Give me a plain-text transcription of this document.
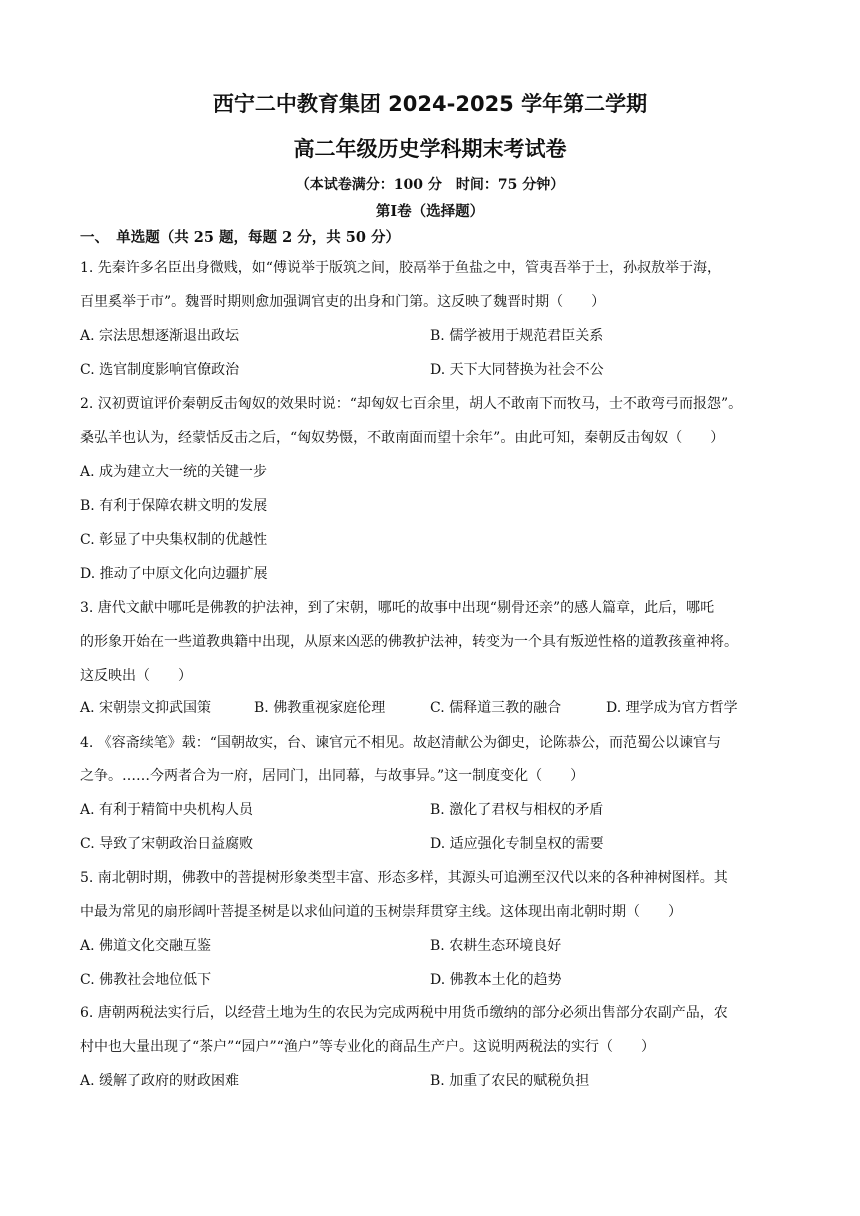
西宁二中教育集团 2024-2025 学年第二学期
高二年级历史学科期末考试卷
（本试卷满分：100 分　时间：75 分钟）
第Ⅰ卷（选择题）
一、　单选题（共 25 题，每题 2 分，共 50 分）
1. 先秦许多名臣出身微贱，如“傅说举于版筑之间，胶鬲举于鱼盐之中，管夷吾举于士，孙叔敖举于海，
百里奚举于市”。魏晋时期则愈加强调官吏的出身和门第。这反映了魏晋时期（　　）
A. 宗法思想逐渐退出政坛	B. 儒学被用于规范君臣关系
C. 选官制度影响官僚政治	D. 天下大同替换为社会不公
2. 汉初贾谊评价秦朝反击匈奴的效果时说：“却匈奴七百余里，胡人不敢南下而牧马，士不敢弯弓而报怨”。
桑弘羊也认为，经蒙恬反击之后，“匈奴势慑，不敢南面而望十余年”。由此可知，秦朝反击匈奴（　　）
A. 成为建立大一统的关键一步
B. 有利于保障农耕文明的发展
C. 彰显了中央集权制的优越性
D. 推动了中原文化向边疆扩展
3. 唐代文献中哪吒是佛教的护法神，到了宋朝，哪吒的故事中出现“剔骨还亲”的感人篇章，此后，哪吒
的形象开始在一些道教典籍中出现，从原来凶恶的佛教护法神，转变为一个具有叛逆性格的道教孩童神将。
这反映出（　　）
A. 宋朝崇文抑武国策	B. 佛教重视家庭伦理	C. 儒释道三教的融合	D. 理学成为官方哲学
4. 《容斋续笔》载：“国朝故实，台、谏官元不相见。故赵清献公为御史，论陈恭公，而范蜀公以谏官与
之争。……今两者合为一府，居同门，出同幕，与故事异。”这一制度变化（　　）
A. 有利于精简中央机构人员	B. 激化了君权与相权的矛盾
C. 导致了宋朝政治日益腐败	D. 适应强化专制皇权的需要
5. 南北朝时期，佛教中的菩提树形象类型丰富、形态多样，其源头可追溯至汉代以来的各种神树图样。其
中最为常见的扇形阔叶菩提圣树是以求仙问道的玉树崇拜贯穿主线。这体现出南北朝时期（　　）
A. 佛道文化交融互鉴	B. 农耕生态环境良好
C. 佛教社会地位低下	D. 佛教本土化的趋势
6. 唐朝两税法实行后，以经营土地为生的农民为完成两税中用货币缴纳的部分必须出售部分农副产品，农
村中也大量出现了“茶户”“园户”“渔户”等专业化的商品生产户。这说明两税法的实行（　　）
A. 缓解了政府的财政困难	B. 加重了农民的赋税负担
